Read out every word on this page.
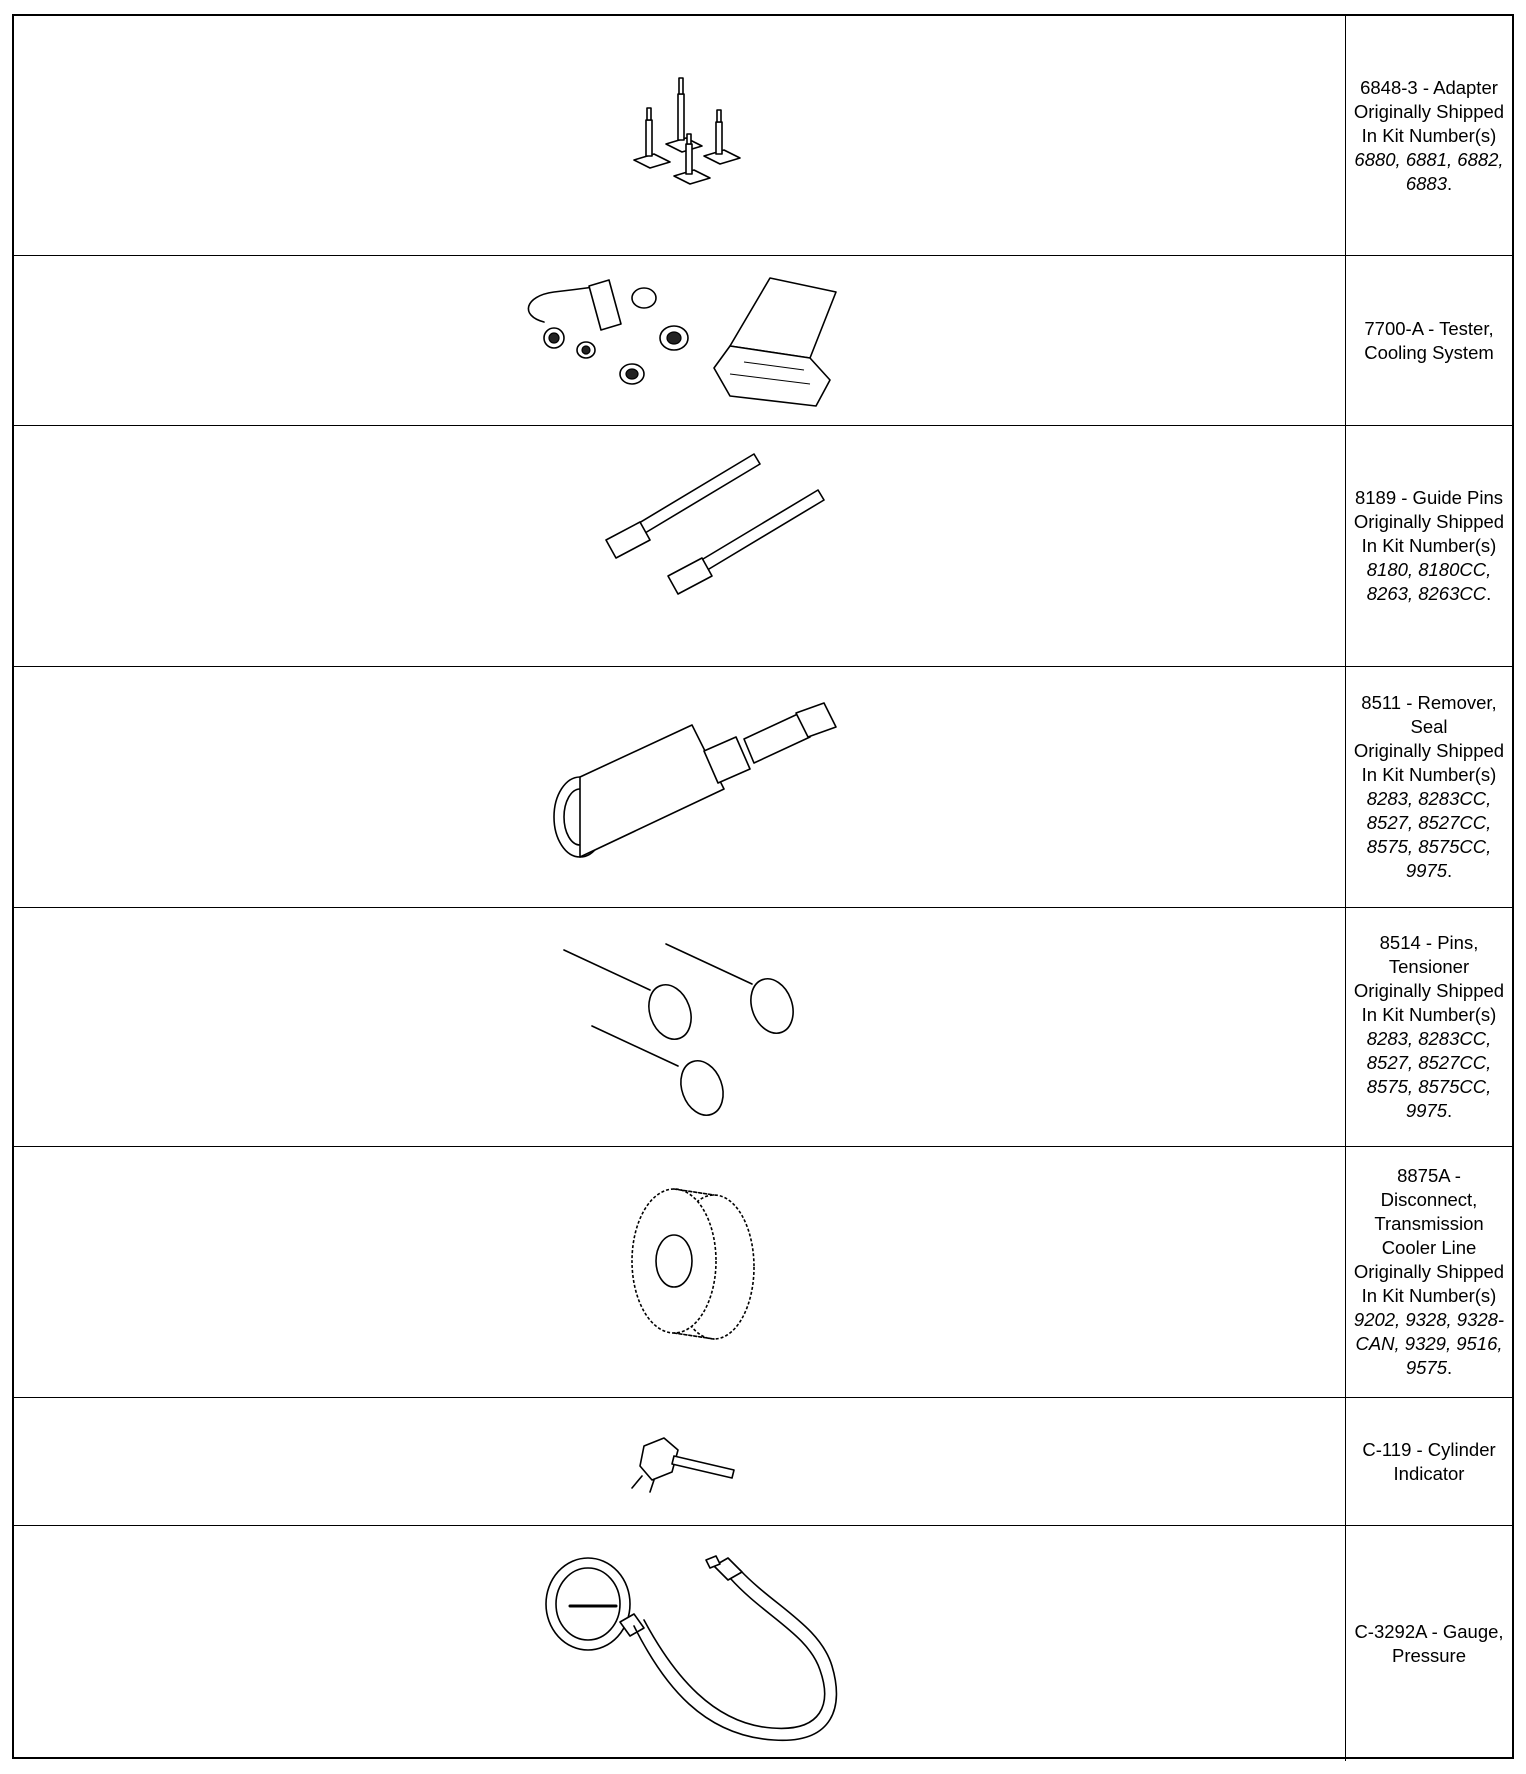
6848-3 - Adapter
Originally Shipped In Kit Number(s) 6880, 6881, 6882, 6883.
7700-A - Tester, Cooling System
8189 - Guide Pins
Originally Shipped In Kit Number(s) 8180, 8180CC, 8263, 8263CC.
8511 - Remover, Seal
Originally Shipped In Kit Number(s) 8283, 8283CC, 8527, 8527CC, 8575, 8575CC, 9975.
8514 - Pins, Tensioner
Originally Shipped In Kit Number(s) 8283, 8283CC, 8527, 8527CC, 8575, 8575CC, 9975.
8875A - Disconnect, Transmission Cooler Line
Originally Shipped In Kit Number(s) 9202, 9328, 9328-CAN, 9329, 9516, 9575.
C-119 - Cylinder Indicator
C-3292A - Gauge, Pressure
